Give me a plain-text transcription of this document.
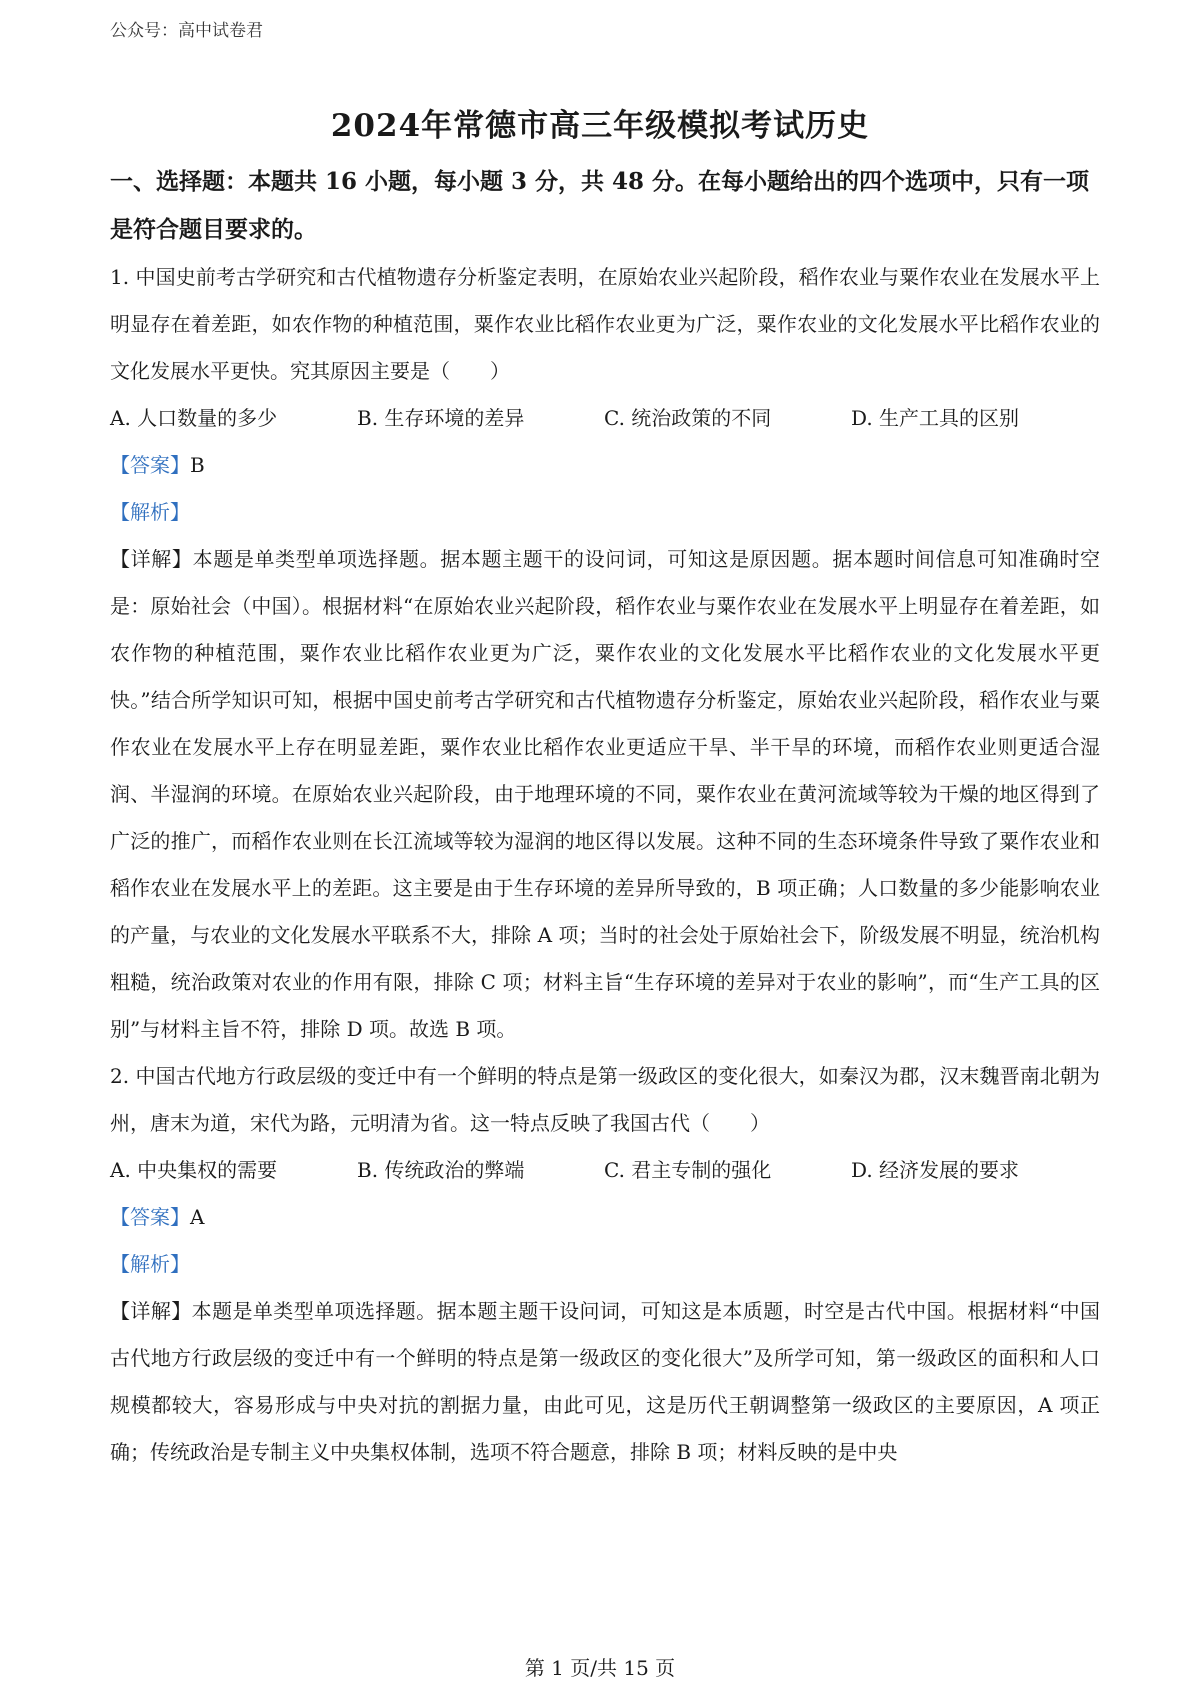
公众号：高中试卷君
2024年常德市高三年级模拟考试历史

一、选择题：本题共 16 小题，每小题 3 分，共 48 分。在每小题给出的四个选项中，只有一项是符合题目要求的。

1. 中国史前考古学研究和古代植物遗存分析鉴定表明，在原始农业兴起阶段，稻作农业与粟作农业在发展水平上明显存在着差距，如农作物的种植范围，粟作农业比稻作农业更为广泛，粟作农业的文化发展水平比稻作农业的文化发展水平更快。究其原因主要是（　　）

A. 人口数量的多少	B. 生存环境的差异	C. 统治政策的不同	D. 生产工具的区别

【答案】B

【解析】

【详解】本题是单类型单项选择题。据本题主题干的设问词，可知这是原因题。据本题时间信息可知准确时空是：原始社会（中国）。根据材料“在原始农业兴起阶段，稻作农业与粟作农业在发展水平上明显存在着差距，如农作物的种植范围，粟作农业比稻作农业更为广泛，粟作农业的文化发展水平比稻作农业的文化发展水平更快。”结合所学知识可知，根据中国史前考古学研究和古代植物遗存分析鉴定，原始农业兴起阶段，稻作农业与粟作农业在发展水平上存在明显差距，粟作农业比稻作农业更适应干旱、半干旱的环境，而稻作农业则更适合湿润、半湿润的环境。在原始农业兴起阶段，由于地理环境的不同，粟作农业在黄河流域等较为干燥的地区得到了广泛的推广，而稻作农业则在长江流域等较为湿润的地区得以发展。这种不同的生态环境条件导致了粟作农业和稻作农业在发展水平上的差距。这主要是由于生存环境的差异所导致的，B 项正确；人口数量的多少能影响农业的产量，与农业的文化发展水平联系不大，排除 A 项；当时的社会处于原始社会下，阶级发展不明显，统治机构粗糙，统治政策对农业的作用有限，排除 C 项；材料主旨“生存环境的差异对于农业的影响”，而“生产工具的区别”与材料主旨不符，排除 D 项。故选 B 项。

2. 中国古代地方行政层级的变迁中有一个鲜明的特点是第一级政区的变化很大，如秦汉为郡，汉末魏晋南北朝为州，唐末为道，宋代为路，元明清为省。这一特点反映了我国古代（　　）

A. 中央集权的需要	B. 传统政治的弊端	C. 君主专制的强化	D. 经济发展的要求

【答案】A

【解析】

【详解】本题是单类型单项选择题。据本题主题干设问词，可知这是本质题，时空是古代中国。根据材料“中国古代地方行政层级的变迁中有一个鲜明的特点是第一级政区的变化很大”及所学可知，第一级政区的面积和人口规模都较大，容易形成与中央对抗的割据力量，由此可见，这是历代王朝调整第一级政区的主要原因，A 项正确；传统政治是专制主义中央集权体制，选项不符合题意，排除 B 项；材料反映的是中央

第 1 页/共 15 页
